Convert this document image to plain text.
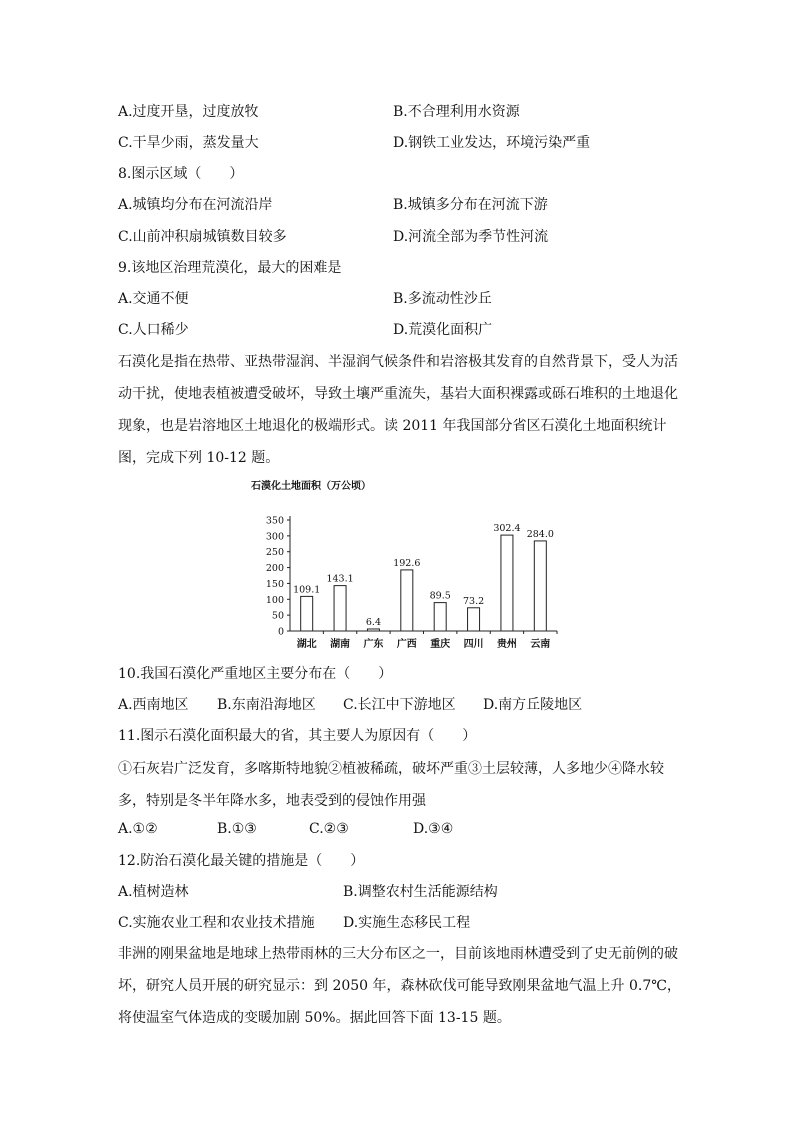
A.过度开垦，过度放牧	B.不合理利用水资源
C.干旱少雨，蒸发量大	D.钢铁工业发达，环境污染严重
8.图示区域（　　）
A.城镇均分布在河流沿岸	B.城镇多分布在河流下游
C.山前冲积扇城镇数目较多	D.河流全部为季节性河流
9.该地区治理荒漠化，最大的困难是
A.交通不便	B.多流动性沙丘
C.人口稀少	D.荒漠化面积广
石漠化是指在热带、亚热带湿润、半湿润气候条件和岩溶极其发育的自然背景下，受人为活动干扰，使地表植被遭受破坏，导致土壤严重流失，基岩大面积裸露或砾石堆积的土地退化现象，也是岩溶地区土地退化的极端形式。读 2011 年我国部分省区石漠化土地面积统计图，完成下列 10-12 题。
石漠化土地面积（万公顷）
0
50
100
150
200
250
300
350
109.1
湖北
143.1
湖南
6.4
广东
192.6
广西
89.5
重庆
73.2
四川
302.4
贵州
284.0
云南
10.我国石漠化严重地区主要分布在（　　）
A.西南地区 B.东南沿海地区 C.长江中下游地区 D.南方丘陵地区
11.图示石漠化面积最大的省，其主要人为原因有（　　）
①石灰岩广泛发育，多喀斯特地貌②植被稀疏，破坏严重③土层较薄，人多地少④降水较多，特别是冬半年降水多，地表受到的侵蚀作用强
A.①②	B.①③	C.②③	D.③④
12.防治石漠化最关键的措施是（　　）
A.植树造林	B.调整农村生活能源结构
C.实施农业工程和农业技术措施 D.实施生态移民工程
非洲的刚果盆地是地球上热带雨林的三大分布区之一，目前该地雨林遭受到了史无前例的破坏，研究人员开展的研究显示：到 2050 年，森林砍伐可能导致刚果盆地气温上升 0.7℃，将使温室气体造成的变暖加剧 50%。据此回答下面 13-15 题。
